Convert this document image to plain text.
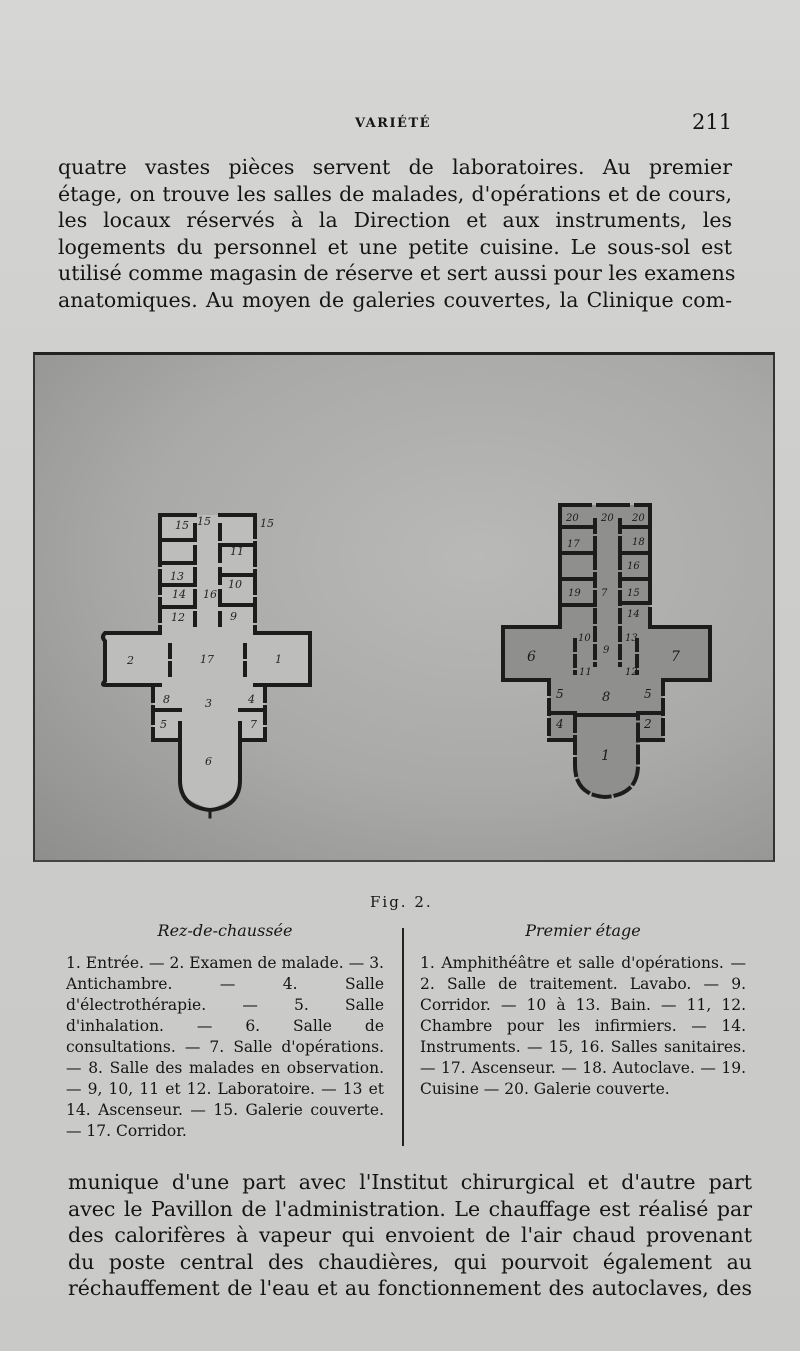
VARIÉTÉ	211

quatre vastes pièces servent de laboratoires. Au premier
étage, on trouve les salles de malades, d'opérations et de cours,
les locaux réservés à la Direction et aux instruments, les
logements du personnel et une petite cuisine. Le sous-sol est
utilisé comme magasin de réserve et sert aussi pour les examens
anatomiques. Au moyen de galeries couvertes, la Clinique com-

15 15	15
11
10
16
14
9
13
12
2	17	1
8	3	4
5	7
6
20 20 20
18
17
16
19 7 15
14
10
9
13
11	12
6
8
7
5	5
4	2
1
Fig. 2.
Rez-de-chaussée
1. Entrée. — 2. Examen de malade. — 3. Antichambre. — 4. Salle d'électrothérapie. — 5. Salle d'inhalation. — 6. Salle de consultations. — 7. Salle d'opérations. — 8. Salle des malades en observation. — 9, 10, 11 et 12. Laboratoire. — 13 et 14. Ascenseur. — 15. Galerie couverte. — 17. Corridor.
Premier étage
1. Amphithéâtre et salle d'opérations. — 2. Salle de traitement. Lavabo. — 9. Corridor. — 10 à 13. Bain. — 11, 12. Chambre pour les infirmiers. — 14. Instruments. — 15, 16. Salles sanitaires. — 17. Ascenseur. — 18. Autoclave. — 19. Cuisine — 20. Galerie couverte.

munique d'une part avec l'Institut chirurgical et d'autre part
avec le Pavillon de l'administration. Le chauffage est réalisé par
des calorifères à vapeur qui envoient de l'air chaud provenant
du poste central des chaudières, qui pourvoit également au
réchauffement de l'eau et au fonctionnement des autoclaves, des
